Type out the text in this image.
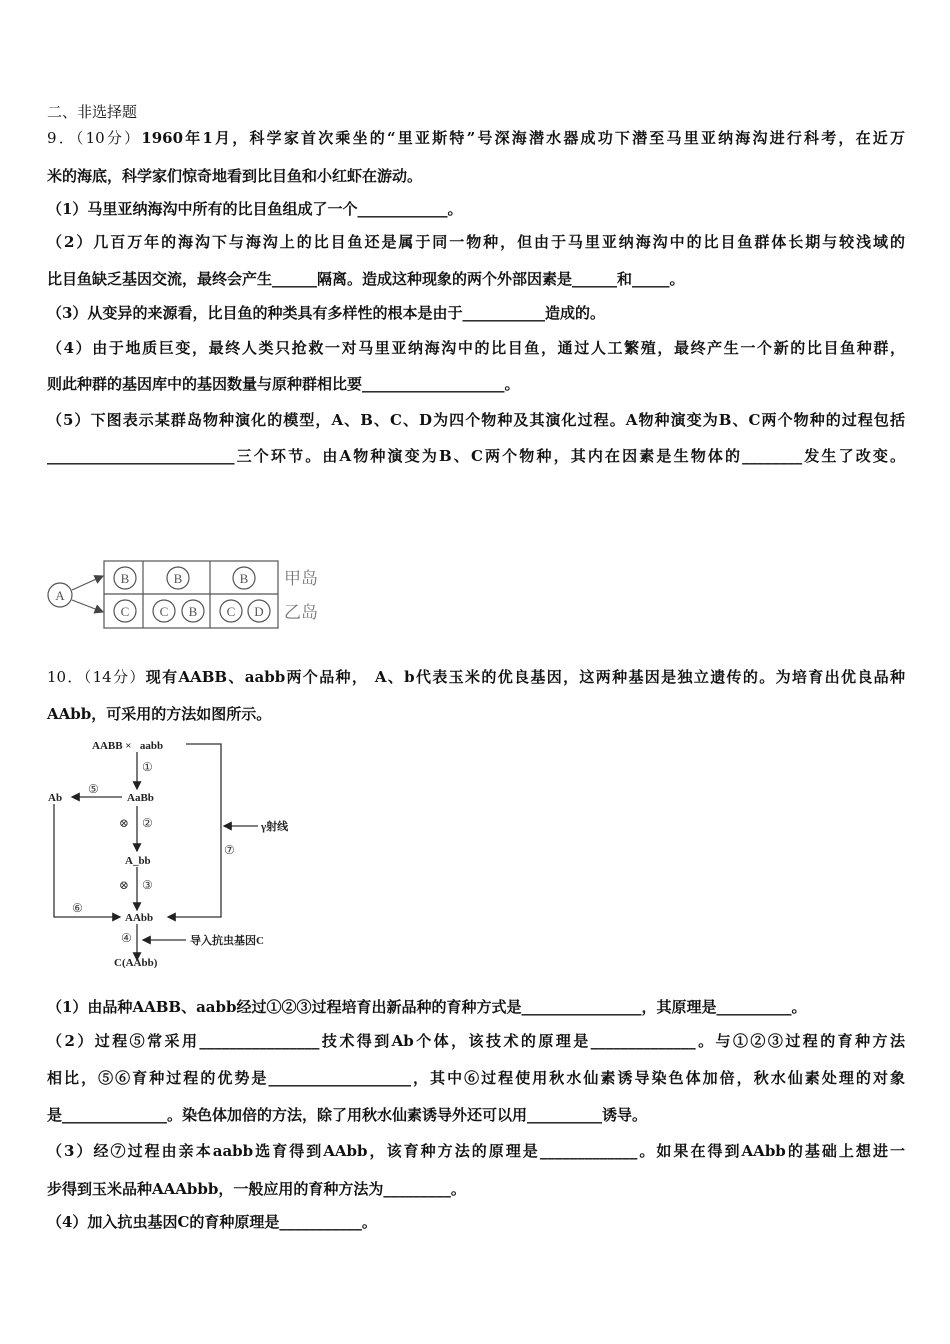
二、非选择题
9．（10分）1960年1月，科学家首次乘坐的“里亚斯特”号深海潜水器成功下潜至马里亚纳海沟进行科考，在近万
米的海底，科学家们惊奇地看到比目鱼和小红虾在游动。
（1）马里亚纳海沟中所有的比目鱼组成了一个____________。
（2）几百万年的海沟下与海沟上的比目鱼还是属于同一物种，但由于马里亚纳海沟中的比目鱼群体长期与较浅域的
比目鱼缺乏基因交流，最终会产生______隔离。造成这种现象的两个外部因素是______和_____。
（3）从变异的来源看，比目鱼的种类具有多样性的根本是由于___________造成的。
（4）由于地质巨变，最终人类只抢救一对马里亚纳海沟中的比目鱼，通过人工繁殖，最终产生一个新的比目鱼种群，
则此种群的基因库中的基因数量与原种群相比要___________________。
（5）下图表示某群岛物种演化的模型，A、B、C、D为四个物种及其演化过程。A物种演变为B、C两个物种的过程包括
_________________________三个环节。由A物种演变为B、C两个物种，其内在因素是生物体的________发生了改变。
A
B	B	B
C C B C D
甲岛
乙岛
10．（14分）现有AABB、aabb两个品种， A、b代表玉米的优良基因，这两种基因是独立遗传的。为培育出优良品种
AAbb，可采用的方法如图所示。
AABB ×   aabb
AaBb
Ab
A_bb
AAbb
C(AAbb)
γ射线
导入抗虫基因C
①
②
③
④
⑤
⑥
⑦
⊗
⊗
（1）由品种AABB、aabb经过①②③过程培育出新品种的育种方式是________________，其原理是__________。
（2）过程⑤常采用________________技术得到Ab个体，该技术的原理是______________。与①②③过程的育种方法
相比，⑤⑥育种过程的优势是___________________，其中⑥过程使用秋水仙素诱导染色体加倍，秋水仙素处理的对象
是______________。染色体加倍的方法，除了用秋水仙素诱导外还可以用__________诱导。
（3）经⑦过程由亲本aabb选育得到AAbb，该育种方法的原理是_____________。如果在得到AAbb的基础上想进一
步得到玉米品种AAAbbb，一般应用的育种方法为_________。
（4）加入抗虫基因C的育种原理是___________。
